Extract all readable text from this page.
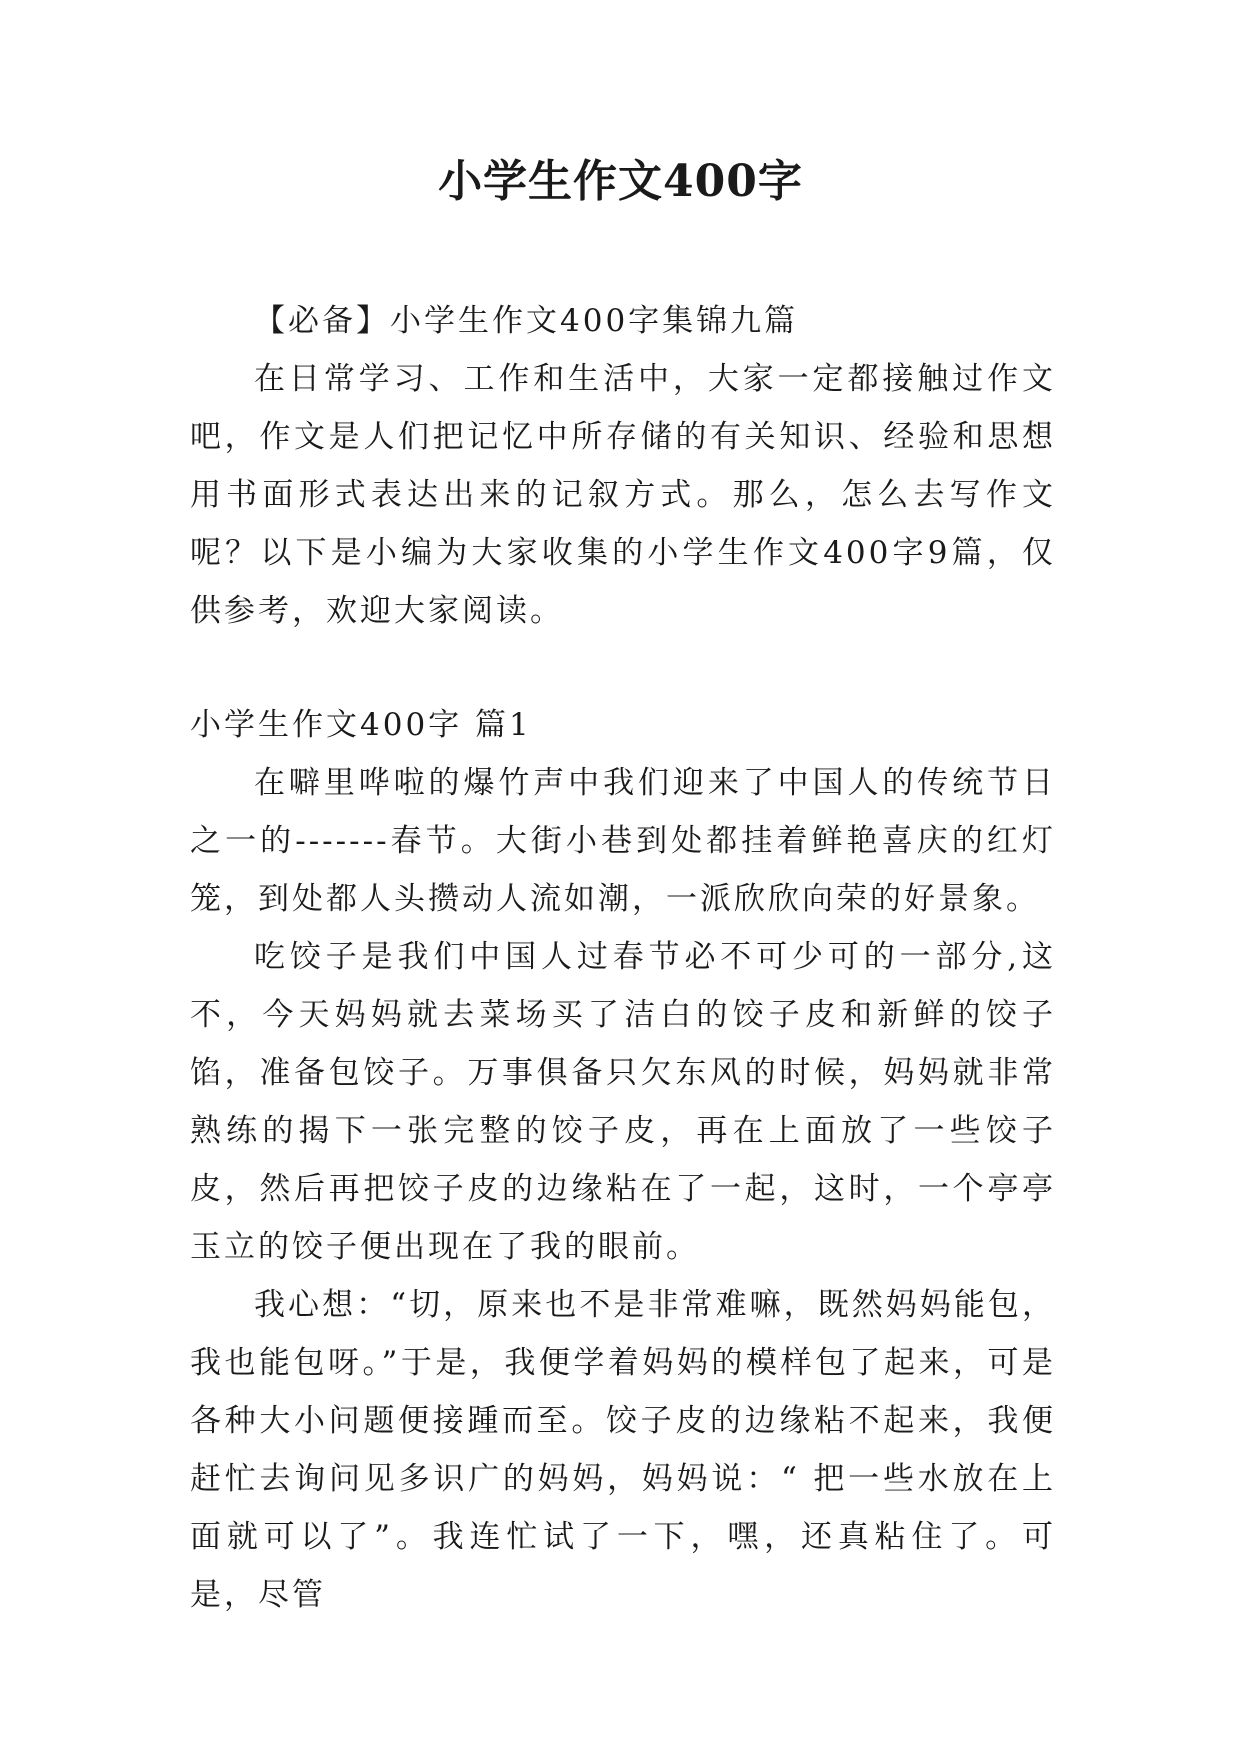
小学生作文400字

【必备】小学生作文400字集锦九篇

在日常学习、工作和生活中，大家一定都接触过作文吧，作文是人们把记忆中所存储的有关知识、经验和思想用书面形式表达出来的记叙方式。那么，怎么去写作文呢？以下是小编为大家收集的小学生作文400字9篇，仅供参考，欢迎大家阅读。

小学生作文400字 篇1

在噼里哗啦的爆竹声中我们迎来了中国人的传统节日之一的-------春节。大街小巷到处都挂着鲜艳喜庆的红灯笼，到处都人头攒动人流如潮，一派欣欣向荣的好景象。

吃饺子是我们中国人过春节必不可少可的一部分,这不，今天妈妈就去菜场买了洁白的饺子皮和新鲜的饺子馅，准备包饺子。万事俱备只欠东风的时候，妈妈就非常熟练的揭下一张完整的饺子皮，再在上面放了一些饺子皮，然后再把饺子皮的边缘粘在了一起，这时，一个亭亭玉立的饺子便出现在了我的眼前。

我心想：“切，原来也不是非常难嘛，既然妈妈能包，我也能包呀。”于是，我便学着妈妈的模样包了起来，可是各种大小问题便接踵而至。饺子皮的边缘粘不起来，我便赶忙去询问见多识广的妈妈，妈妈说：“ 把一些水放在上面就可以了”。我连忙试了一下，嘿，还真粘住了。可是，尽管
